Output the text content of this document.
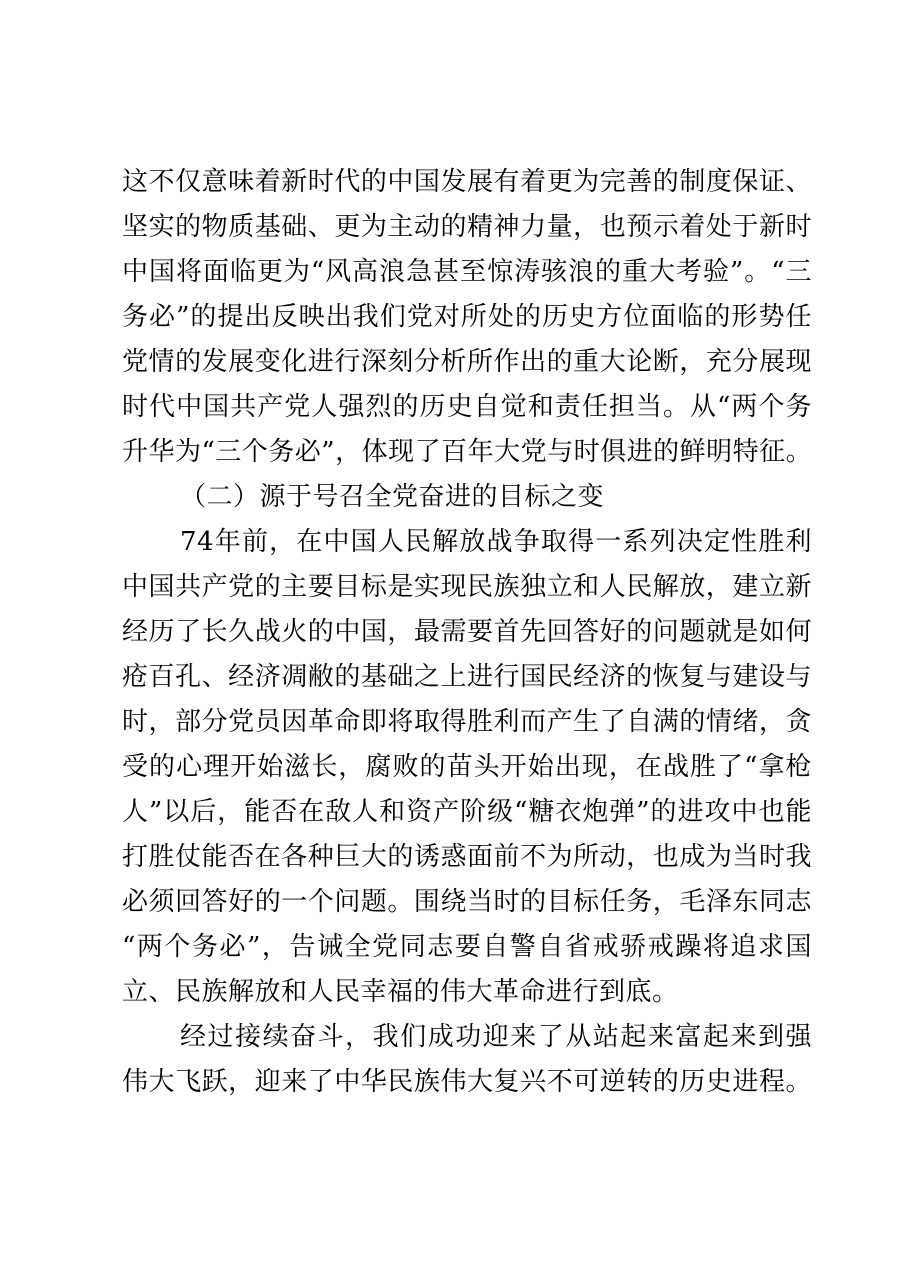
这不仅意味着新时代的中国发展有着更为完善的制度保证、
坚实的物质基础、更为主动的精神力量，也预示着处于新时
中国将面临更为“风高浪急甚至惊涛骇浪的重大考验”。“三
务必”的提出反映出我们党对所处的历史方位面临的形势任
党情的发展变化进行深刻分析所作出的重大论断，充分展现
时代中国共产党人强烈的历史自觉和责任担当。从“两个务
升华为“三个务必”，体现了百年大党与时俱进的鲜明特征。
（二）源于号召全党奋进的目标之变
74年前，在中国人民解放战争取得一系列决定性胜利
中国共产党的主要目标是实现民族独立和人民解放，建立新
经历了长久战火的中国，最需要首先回答好的问题就是如何
疮百孔、经济凋敝的基础之上进行国民经济的恢复与建设与
时，部分党员因革命即将取得胜利而产生了自满的情绪，贪
受的心理开始滋长，腐败的苗头开始出现，在战胜了“拿枪
人”以后，能否在敌人和资产阶级“糖衣炮弹”的进攻中也能
打胜仗能否在各种巨大的诱惑面前不为所动，也成为当时我
必须回答好的一个问题。围绕当时的目标任务，毛泽东同志
“两个务必”，告诫全党同志要自警自省戒骄戒躁将追求国
立、民族解放和人民幸福的伟大革命进行到底。
经过接续奋斗，我们成功迎来了从站起来富起来到强
伟大飞跃，迎来了中华民族伟大复兴不可逆转的历史进程。
